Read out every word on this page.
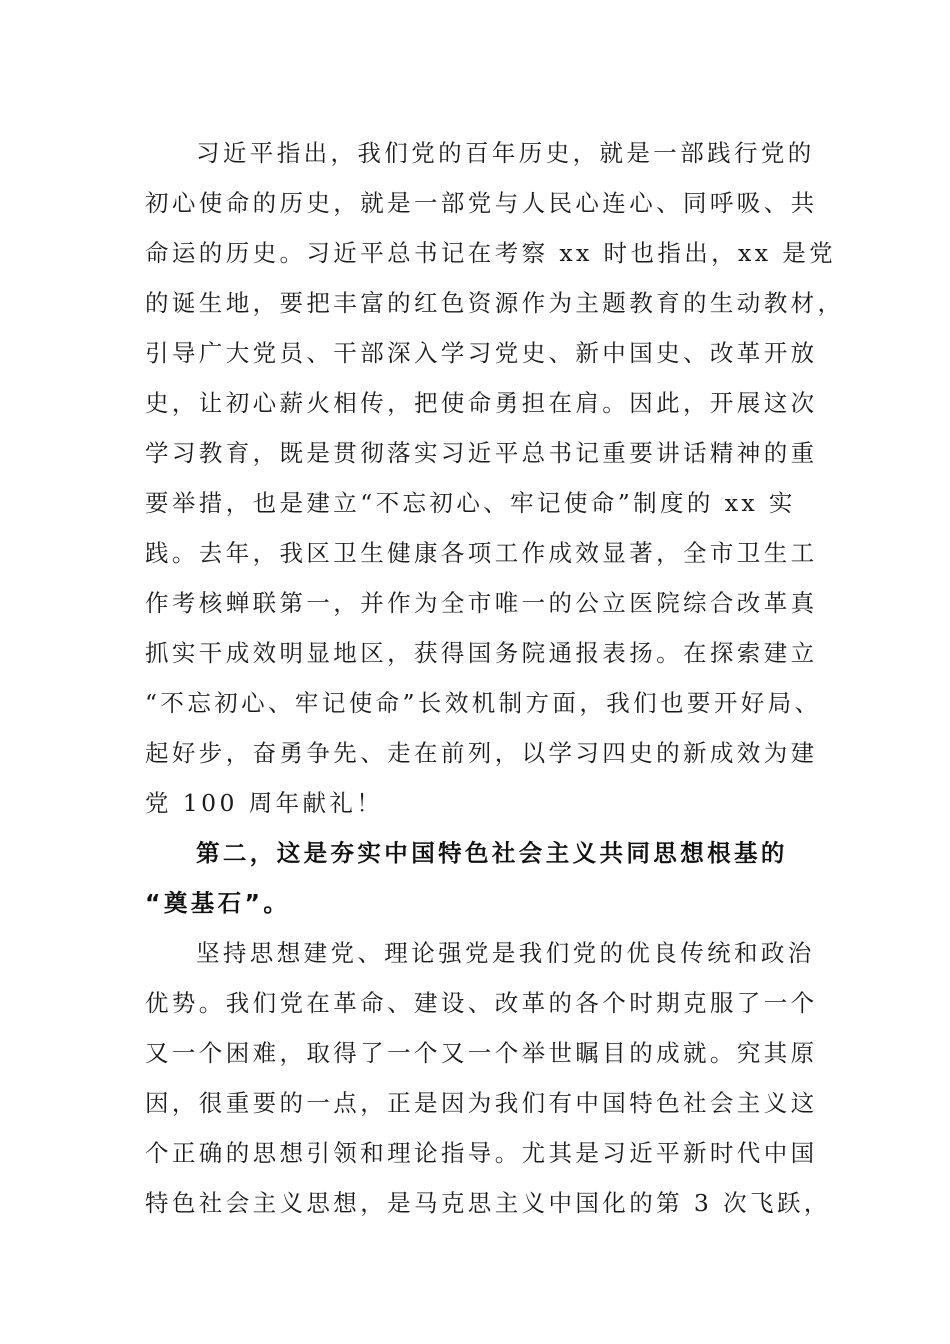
习近平指出，我们党的百年历史，就是一部践行党的
初心使命的历史，就是一部党与人民心连心、同呼吸、共
命运的历史。习近平总书记在考察 xx 时也指出，xx 是党
的诞生地，要把丰富的红色资源作为主题教育的生动教材，
引导广大党员、干部深入学习党史、新中国史、改革开放
史，让初心薪火相传，把使命勇担在肩。因此，开展这次
学习教育，既是贯彻落实习近平总书记重要讲话精神的重
要举措，也是建立“不忘初心、牢记使命”制度的 xx 实
践。去年，我区卫生健康各项工作成效显著，全市卫生工
作考核蝉联第一，并作为全市唯一的公立医院综合改革真
抓实干成效明显地区，获得国务院通报表扬。在探索建立
“不忘初心、牢记使命”长效机制方面，我们也要开好局、
起好步，奋勇争先、走在前列，以学习四史的新成效为建
党 100 周年献礼！
第二，这是夯实中国特色社会主义共同思想根基的
“奠基石”。
坚持思想建党、理论强党是我们党的优良传统和政治
优势。我们党在革命、建设、改革的各个时期克服了一个
又一个困难，取得了一个又一个举世瞩目的成就。究其原
因，很重要的一点，正是因为我们有中国特色社会主义这
个正确的思想引领和理论指导。尤其是习近平新时代中国
特色社会主义思想，是马克思主义中国化的第 3 次飞跃，
